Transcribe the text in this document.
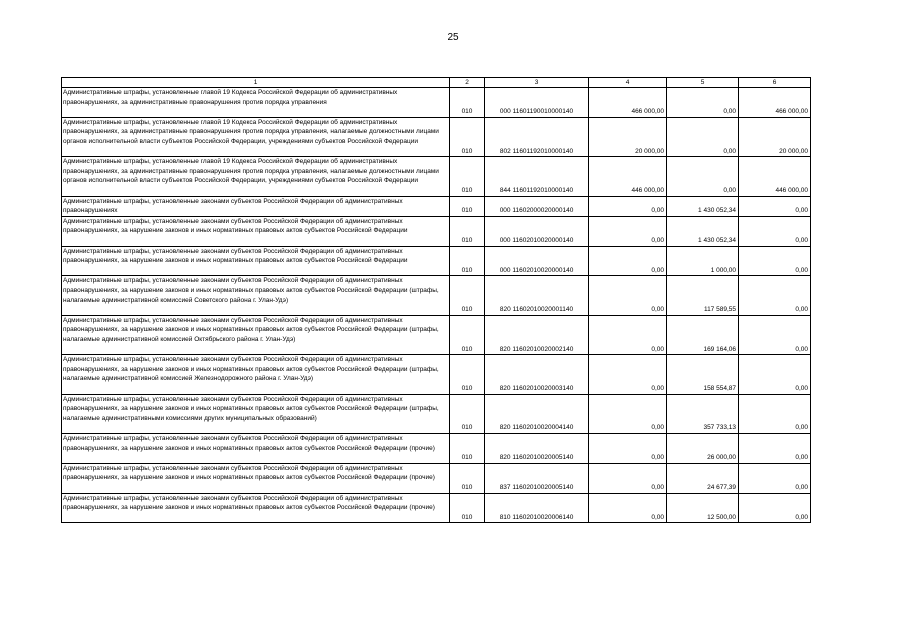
25
1	2	3	4	5	6
Административные штрафы, установленные главой 19 Кодекса Российской Федерации об административных правонарушениях, за административные правонарушения против порядка управления	010	000 11601190010000140	466 000,00	0,00	466 000,00
Административные штрафы, установленные главой 19 Кодекса Российской Федерации об административных правонарушениях, за административные правонарушения против порядка управления, налагаемые должностными лицами органов исполнительной власти субъектов Российской Федерации, учреждениями субъектов Российской Федерации	010	802 11601192010000140	20 000,00	0,00	20 000,00
Административные штрафы, установленные главой 19 Кодекса Российской Федерации об административных правонарушениях, за административные правонарушения против порядка управления, налагаемые должностными лицами органов исполнительной власти субъектов Российской Федерации, учреждениями субъектов Российской Федерации	010	844 11601192010000140	446 000,00	0,00	446 000,00
Административные штрафы, установленные законами субъектов Российской Федерации об административных правонарушениях	010	000 11602000020000140	0,00	1 430 052,34	0,00
Административные штрафы, установленные законами субъектов Российской Федерации об административных правонарушениях, за нарушение законов и иных нормативных правовых актов субъектов Российской Федерации	010	000 11602010020000140	0,00	1 430 052,34	0,00
Административные штрафы, установленные законами субъектов Российской Федерации об административных правонарушениях, за нарушение законов и иных нормативных правовых актов субъектов Российской Федерации	010	000 11602010020000140	0,00	1 000,00	0,00
Административные штрафы, установленные законами субъектов Российской Федерации об административных правонарушениях, за нарушение законов и иных нормативных правовых актов субъектов Российской Федерации (штрафы, налагаемые административной комиссией Советского района г. Улан-Удэ)	010	820 11602010020001140	0,00	117 589,55	0,00
Административные штрафы, установленные законами субъектов Российской Федерации об административных правонарушениях, за нарушение законов и иных нормативных правовых актов субъектов Российской Федерации (штрафы, налагаемые административной комиссией Октябрьского района г. Улан-Удэ)	010	820 11602010020002140	0,00	169 164,06	0,00
Административные штрафы, установленные законами субъектов Российской Федерации об административных правонарушениях, за нарушение законов и иных нормативных правовых актов субъектов Российской Федерации (штрафы, налагаемые административной комиссией Железнодорожного района г. Улан-Удэ)	010	820 11602010020003140	0,00	158 554,87	0,00
Административные штрафы, установленные законами субъектов Российской Федерации об административных правонарушениях, за нарушение законов и иных нормативных правовых актов субъектов Российской Федерации (штрафы, налагаемые административными комиссиями других муниципальных образований)	010	820 11602010020004140	0,00	357 733,13	0,00
Административные штрафы, установленные законами субъектов Российской Федерации об административных правонарушениях, за нарушение законов и иных нормативных правовых актов субъектов Российской Федерации (прочие)	010	820 11602010020005140	0,00	26 000,00	0,00
Административные штрафы, установленные законами субъектов Российской Федерации об административных правонарушениях, за нарушение законов и иных нормативных правовых актов субъектов Российской Федерации (прочие)	010	837 11602010020005140	0,00	24 677,39	0,00
Административные штрафы, установленные законами субъектов Российской Федерации об административных правонарушениях, за нарушение законов и иных нормативных правовых актов субъектов Российской Федерации (прочие)	010	810 11602010020006140	0,00	12 500,00	0,00
